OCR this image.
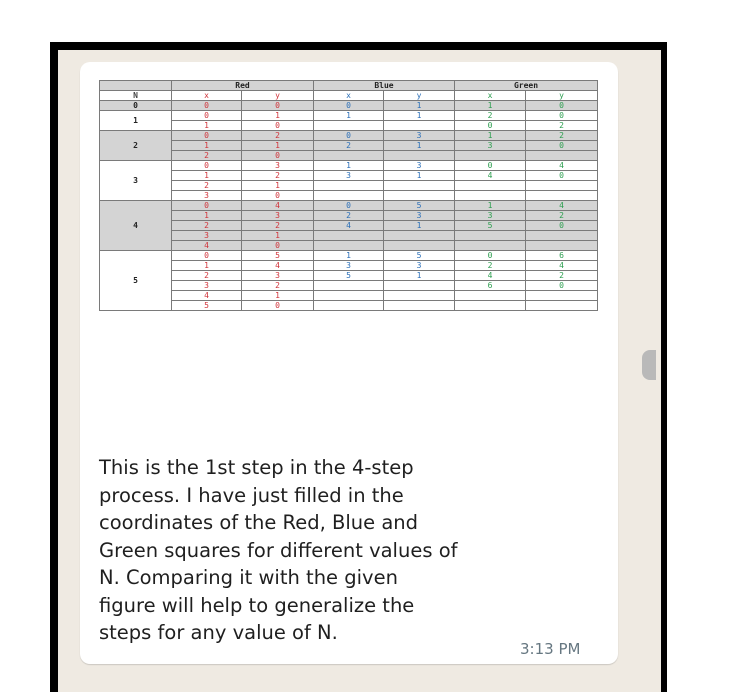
	Red		Blue		Green	
N	x	y	x	y	x	y
0	0	0	0	1	1	0
1	0	1	1	1	2	0
	1	0			0	2
2	0	2	0	3	1	2
	1	1	2	1	3	0
	2	0				
3	0	3	1	3	0	4
	1	2	3	1	4	0
	2	1				
	3	0				
4	0	4	0	5	1	4
	1	3	2	3	3	2
	2	2	4	1	5	0
	3	1				
	4	0				
5	0	5	1	5	0	6
	1	4	3	3	2	4
	2	3	5	1	4	2
	3	2			6	0
	4	1				
	5	0				
This is the 1st step in the 4-step
process. I have just filled in the
coordinates of the Red, Blue and
Green squares for different values of
N. Comparing it with the given
figure will help to generalize the
steps for any value of N.
3:13 PM
